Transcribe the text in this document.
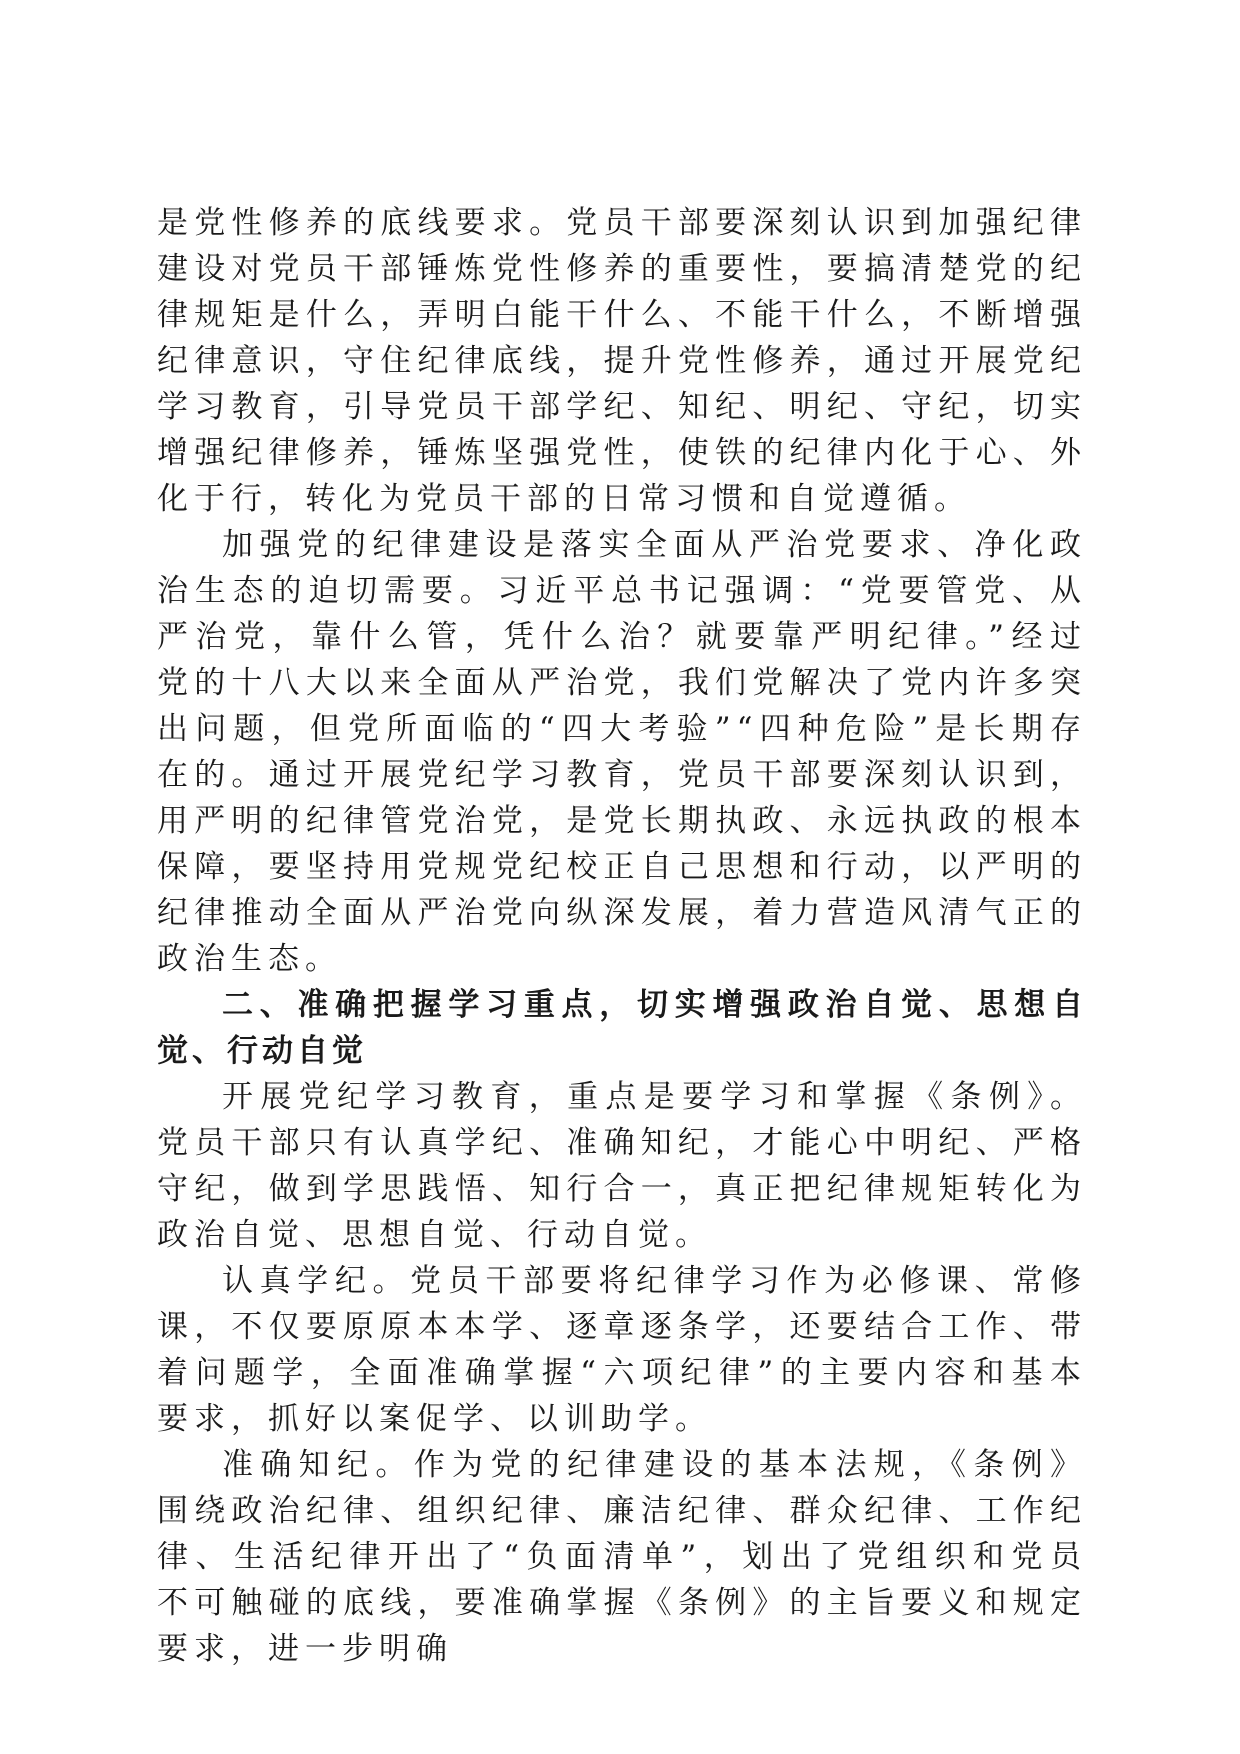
是党性修养的底线要求。党员干部要深刻认识到加强纪律建设对党员干部锤炼党性修养的重要性，要搞清楚党的纪律规矩是什么，弄明白能干什么、不能干什么，不断增强纪律意识，守住纪律底线，提升党性修养，通过开展党纪学习教育，引导党员干部学纪、知纪、明纪、守纪，切实增强纪律修养，锤炼坚强党性，使铁的纪律内化于心、外化于行，转化为党员干部的日常习惯和自觉遵循。

加强党的纪律建设是落实全面从严治党要求、净化政治生态的迫切需要。习近平总书记强调：“党要管党、从严治党，靠什么管，凭什么治？就要靠严明纪律。”经过党的十八大以来全面从严治党，我们党解决了党内许多突出问题，但党所面临的“四大考验”“四种危险”是长期存在的。通过开展党纪学习教育，党员干部要深刻认识到，用严明的纪律管党治党，是党长期执政、永远执政的根本保障，要坚持用党规党纪校正自己思想和行动，以严明的纪律推动全面从严治党向纵深发展，着力营造风清气正的政治生态。

二、准确把握学习重点，切实增强政治自觉、思想自觉、行动自觉

开展党纪学习教育，重点是要学习和掌握《条例》。党员干部只有认真学纪、准确知纪，才能心中明纪、严格守纪，做到学思践悟、知行合一，真正把纪律规矩转化为政治自觉、思想自觉、行动自觉。

认真学纪。党员干部要将纪律学习作为必修课、常修课，不仅要原原本本学、逐章逐条学，还要结合工作、带着问题学，全面准确掌握“六项纪律”的主要内容和基本要求，抓好以案促学、以训助学。

准确知纪。作为党的纪律建设的基本法规，《条例》围绕政治纪律、组织纪律、廉洁纪律、群众纪律、工作纪律、生活纪律开出了“负面清单”，划出了党组织和党员不可触碰的底线，要准确掌握《条例》的主旨要义和规定要求，进一步明确
